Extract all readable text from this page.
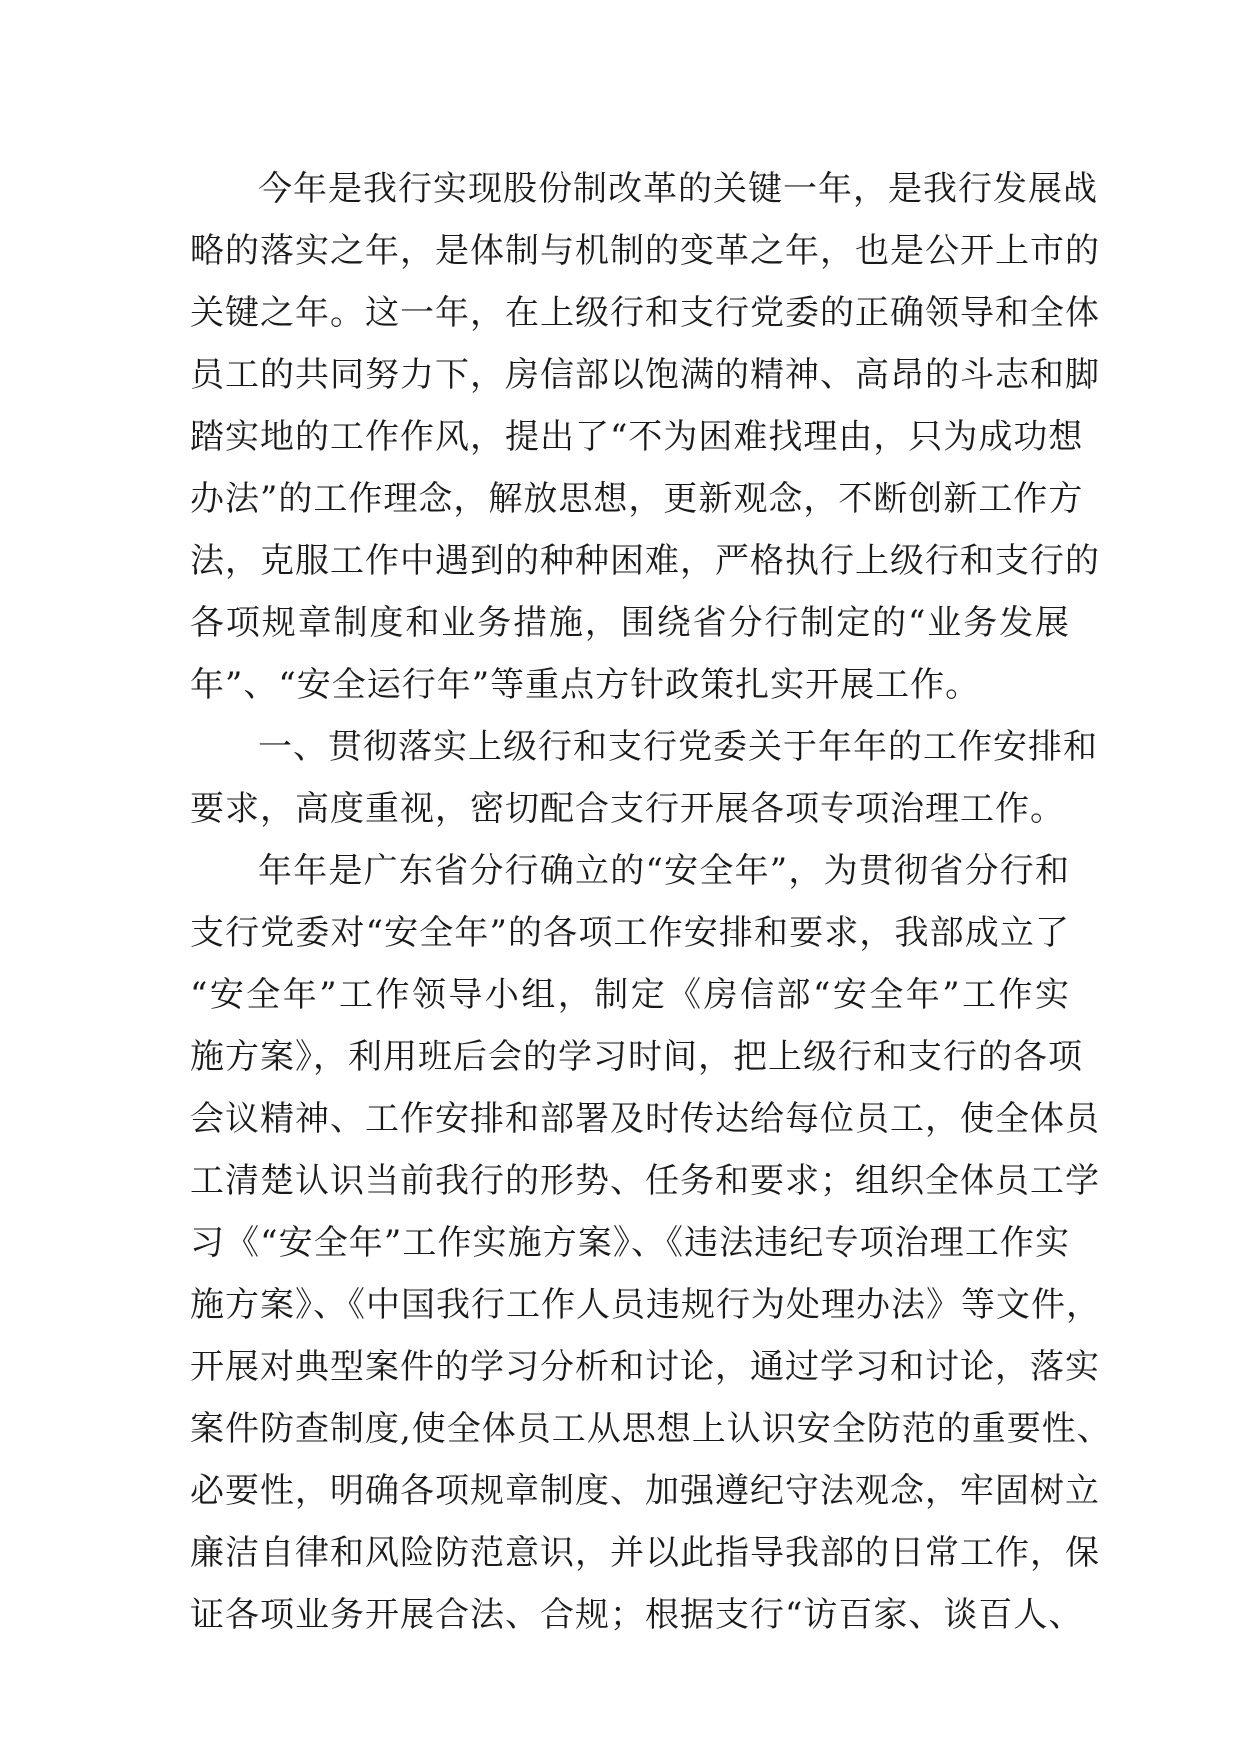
今年是我行实现股份制改革的关键一年，是我行发展战
略的落实之年，是体制与机制的变革之年，也是公开上市的
关键之年。这一年，在上级行和支行党委的正确领导和全体
员工的共同努力下，房信部以饱满的精神、高昂的斗志和脚
踏实地的工作作风，提出了“不为困难找理由，只为成功想
办法”的工作理念，解放思想，更新观念，不断创新工作方
法，克服工作中遇到的种种困难，严格执行上级行和支行的
各项规章制度和业务措施，围绕省分行制定的“业务发展
年”、“安全运行年”等重点方针政策扎实开展工作。
一、贯彻落实上级行和支行党委关于年年的工作安排和
要求，高度重视，密切配合支行开展各项专项治理工作。
年年是广东省分行确立的“安全年”，为贯彻省分行和
支行党委对“安全年”的各项工作安排和要求，我部成立了
“安全年”工作领导小组，制定《房信部“安全年”工作实
施方案》，利用班后会的学习时间，把上级行和支行的各项
会议精神、工作安排和部署及时传达给每位员工，使全体员
工清楚认识当前我行的形势、任务和要求；组织全体员工学
习《“安全年”工作实施方案》、《违法违纪专项治理工作实
施方案》、《中国我行工作人员违规行为处理办法》等文件，
开展对典型案件的学习分析和讨论，通过学习和讨论，落实
案件防查制度,使全体员工从思想上认识安全防范的重要性、
必要性，明确各项规章制度、加强遵纪守法观念，牢固树立
廉洁自律和风险防范意识，并以此指导我部的日常工作，保
证各项业务开展合法、合规；根据支行“访百家、谈百人、
